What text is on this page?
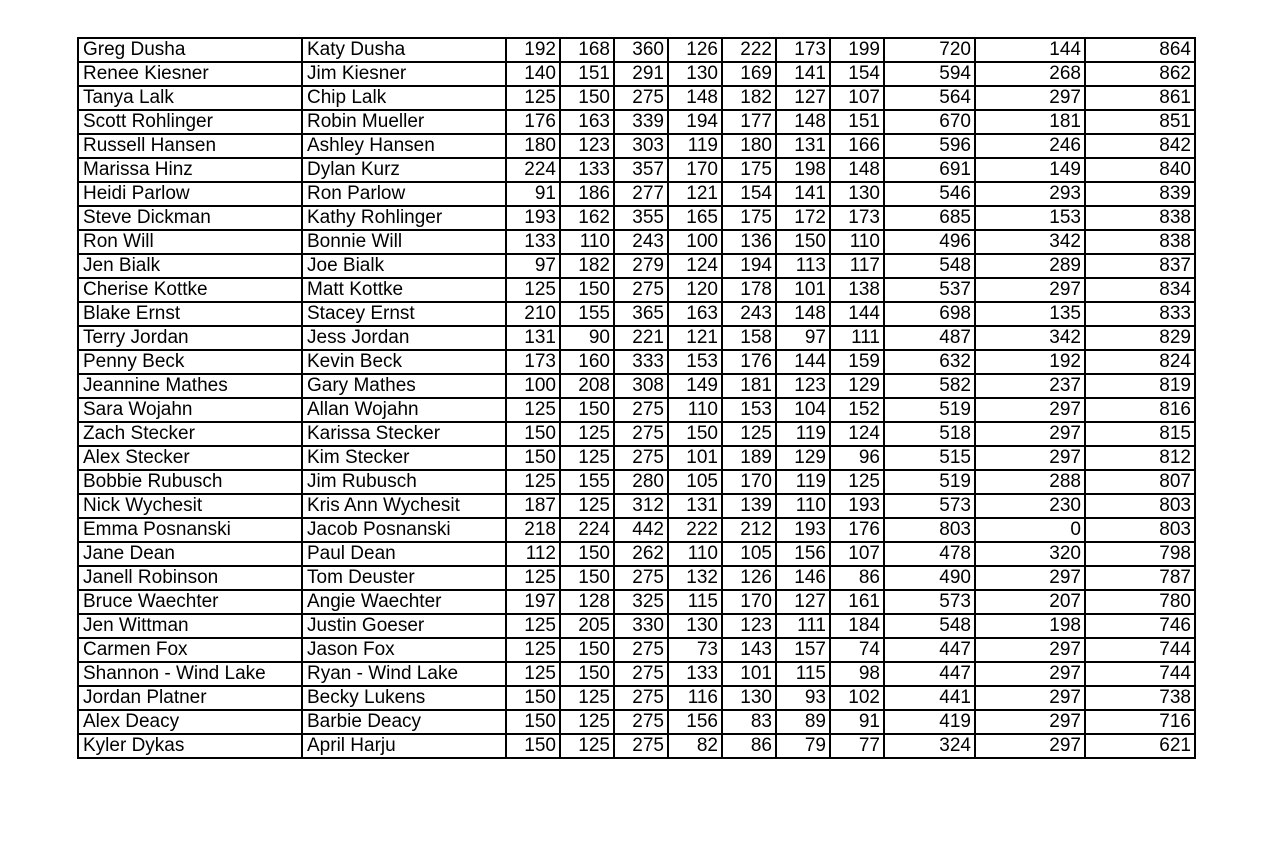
Greg Dusha	Katy Dusha	192	168	360	126	222	173	199	720	144	864
Renee Kiesner	Jim Kiesner	140	151	291	130	169	141	154	594	268	862
Tanya Lalk	Chip Lalk	125	150	275	148	182	127	107	564	297	861
Scott Rohlinger	Robin Mueller	176	163	339	194	177	148	151	670	181	851
Russell Hansen	Ashley Hansen	180	123	303	119	180	131	166	596	246	842
Marissa Hinz	Dylan Kurz	224	133	357	170	175	198	148	691	149	840
Heidi Parlow	Ron Parlow	91	186	277	121	154	141	130	546	293	839
Steve Dickman	Kathy Rohlinger	193	162	355	165	175	172	173	685	153	838
Ron Will	Bonnie Will	133	110	243	100	136	150	110	496	342	838
Jen Bialk	Joe Bialk	97	182	279	124	194	113	117	548	289	837
Cherise Kottke	Matt Kottke	125	150	275	120	178	101	138	537	297	834
Blake Ernst	Stacey Ernst	210	155	365	163	243	148	144	698	135	833
Terry Jordan	Jess Jordan	131	90	221	121	158	97	111	487	342	829
Penny Beck	Kevin Beck	173	160	333	153	176	144	159	632	192	824
Jeannine Mathes	Gary Mathes	100	208	308	149	181	123	129	582	237	819
Sara Wojahn	Allan Wojahn	125	150	275	110	153	104	152	519	297	816
Zach Stecker	Karissa Stecker	150	125	275	150	125	119	124	518	297	815
Alex Stecker	Kim Stecker	150	125	275	101	189	129	96	515	297	812
Bobbie Rubusch	Jim Rubusch	125	155	280	105	170	119	125	519	288	807
Nick Wychesit	Kris Ann Wychesit	187	125	312	131	139	110	193	573	230	803
Emma Posnanski	Jacob Posnanski	218	224	442	222	212	193	176	803	0	803
Jane Dean	Paul Dean	112	150	262	110	105	156	107	478	320	798
Janell Robinson	Tom Deuster	125	150	275	132	126	146	86	490	297	787
Bruce Waechter	Angie Waechter	197	128	325	115	170	127	161	573	207	780
Jen Wittman	Justin Goeser	125	205	330	130	123	111	184	548	198	746
Carmen Fox	Jason Fox	125	150	275	73	143	157	74	447	297	744
Shannon - Wind Lake	Ryan - Wind Lake	125	150	275	133	101	115	98	447	297	744
Jordan Platner	Becky Lukens	150	125	275	116	130	93	102	441	297	738
Alex Deacy	Barbie Deacy	150	125	275	156	83	89	91	419	297	716
Kyler Dykas	April Harju	150	125	275	82	86	79	77	324	297	621
